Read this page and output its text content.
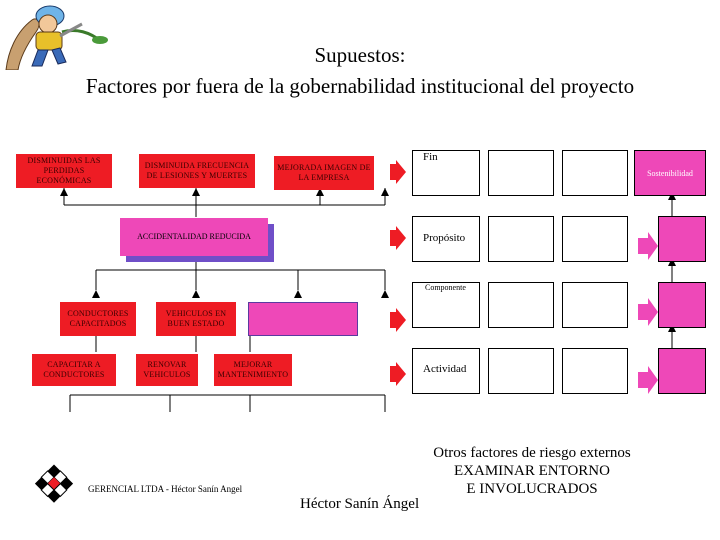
Supuestos:
Factores por fuera de la gobernabilidad institucional del proyecto
DISMINUIDAS LAS PERDIDAS ECONÓMICAS
DISMINUIDA FRECUENCIA DE LESIONES Y MUERTES
MEJORADA IMAGEN DE LA EMPRESA
ACCIDENTALIDAD REDUCIDA
CONDUCTORES CAPACITADOS
VEHICULOS EN BUEN ESTADO
CAPACITAR A CONDUCTORES
RENOVAR VEHICULOS
MEJORAR MANTENIMIENTO
Fin
Propósito
Componente
Actividad
Sostenibilidad
Otros factores de riesgo externos
EXAMINAR ENTORNO
E INVOLUCRADOS
GERENCIAL LTDA - Héctor Sanín Angel
Héctor Sanín Ángel
